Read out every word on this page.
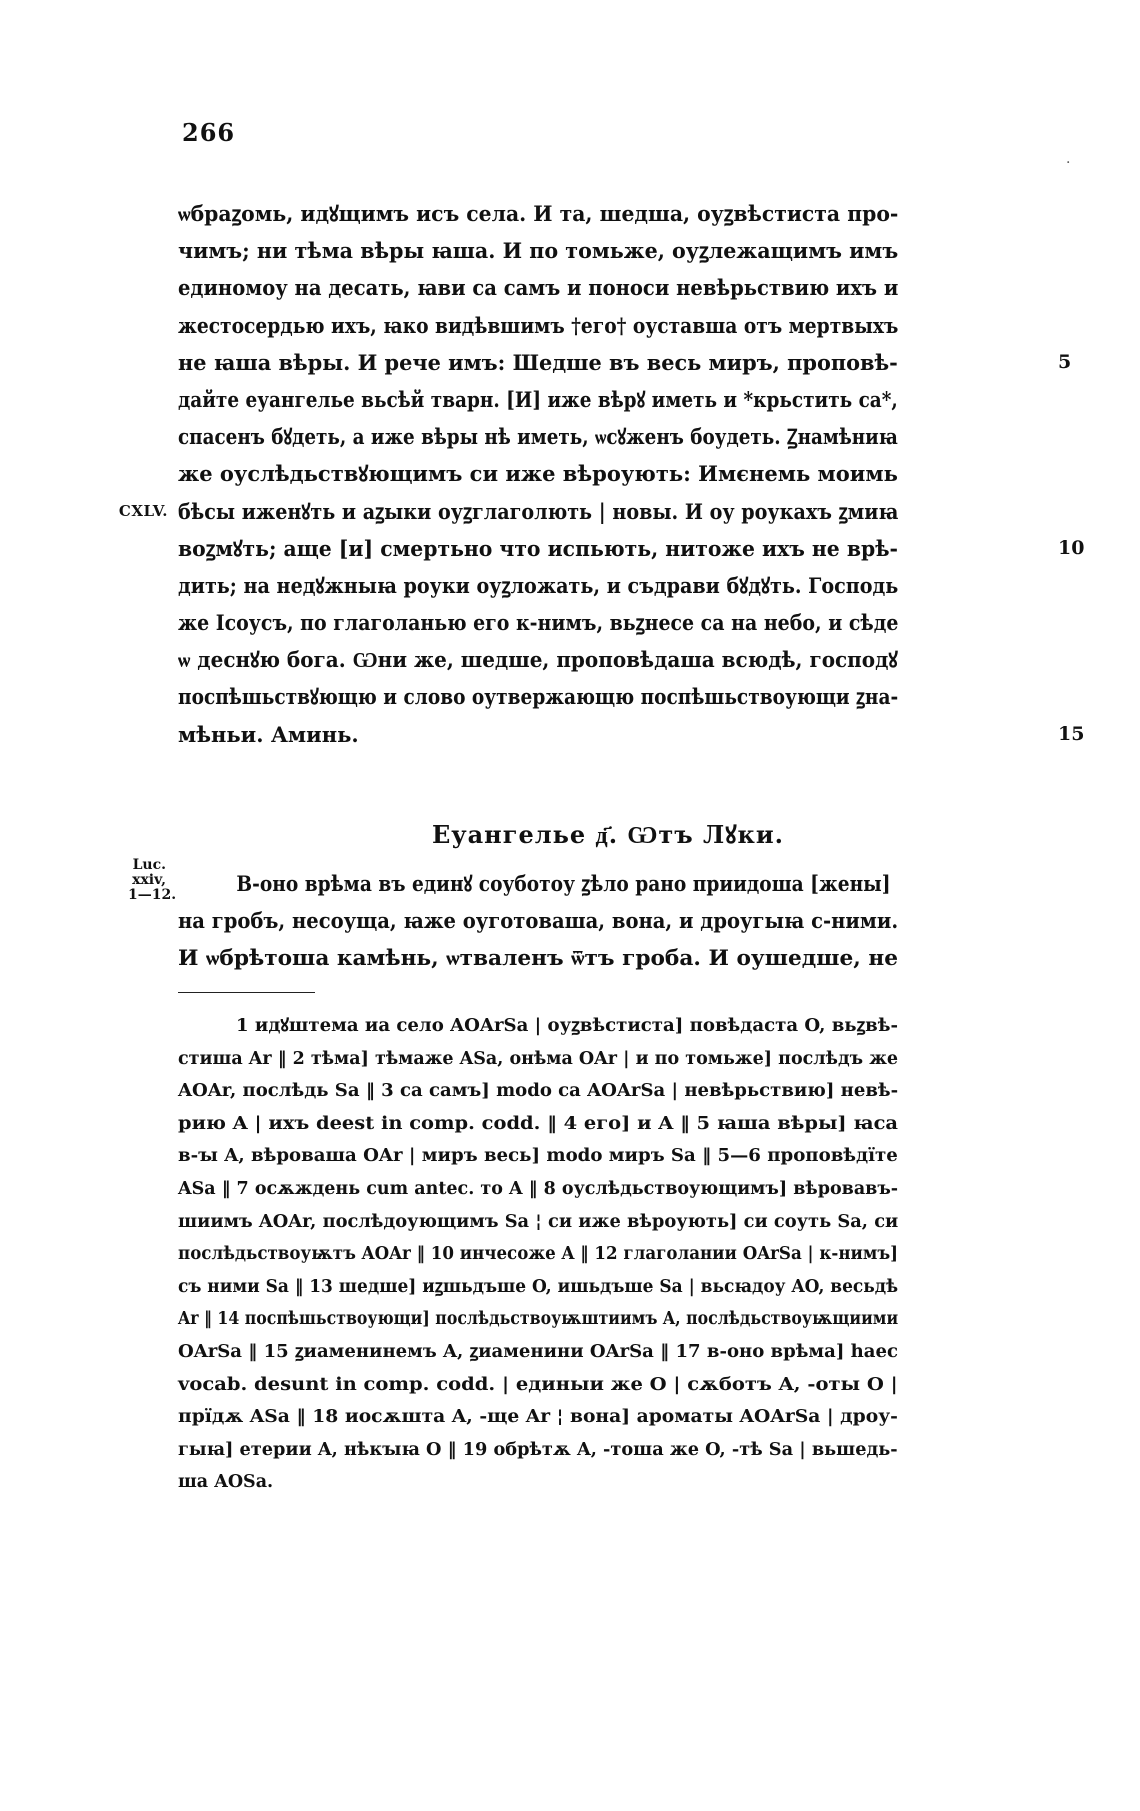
266
·
ѡбраꙁомь, идꙋщимъ исъ села. И та, шедша, оуꙁвѣстиста про-
чимъ; ни тѣма вѣры ꙗша. И по томьже, оуꙁлежащимъ имъ
единомоу на десать, ꙗви са самъ и поноси невѣрьствию ихъ и
жестосердью ихъ, ꙗко видѣвшимъ †его† оуставша отъ мертвыхъ
не ꙗша вѣры. И рече имъ: Шедше въ весь миръ, проповѣ-	5
дайте еуангелье вьсѣй тварн. [И] иже вѣрꙋ иметь и *крьстить са*,
спасенъ бꙋдеть, а иже вѣры нѣ иметь, ѡсꙋженъ боудеть. Ꙁнамѣниꙗ
же оуслѣдьствꙋющимъ си иже вѣроують: Имєнемь моимь
бѣсы иженꙋть и аꙁыки оуꙁглаголють | новы. И оу роукахъ ꙁмиꙗ
CXLV.
воꙁмꙋть; аще [и] смертьно что испьють, нитоже ихъ не врѣ-	10
дить; на недꙋжныꙗ роуки оуꙁложать, и съдрави бꙋдꙋть. Господь
же Ісоусъ, по глаголанью его к-нимъ, вьꙁнесе са на небо, и сѣде
ѡ деснꙋю бога. Ѡни же, шедше, проповѣдаша всюдѣ, господꙋ
поспѣшьствꙋющю и слово оутвержающю поспѣшьствоующи ꙁна-
мѣньи. Аминь.	15
Еуангелье д҃. Ѡтъ Лꙋки.
Luc.
xxiv,
1—12.	В-оно врѣма въ единꙋ соуботоу ꙁѣло рано приидоша [жены]
на гробъ, несоуща, ꙗже оуготоваша, вона, и дроугыꙗ с-ними.
И ѡбрѣтоша камѣнь, ѡтваленъ ѿтъ гроба. И оушедше, не
1 идꙋштема иа село AOArSa | оуꙁвѣстиста] повѣдаста O, вьꙁвѣ-
стиша Ar ‖ 2 тѣма] тѣмаже ASa, онѣма OAr | и по томьже] послѣдъ же
AOAr, послѣдь Sa ‖ 3 са самъ] modo са AOArSa | невѣрьствию] невѣ-
рию A | ихъ deest in comp. codd. ‖ 4 его] и A ‖ 5 ꙗша вѣры] ꙗса
в-ꙑ A, вѣроваша OAr | миръ весь] modo миръ Sa ‖ 5—6 проповѣдїте
ASa ‖ 7 осѫждень cum antec. то A ‖ 8 оуслѣдьствоующимъ] вѣровавъ-
шиимъ AOAr, послѣдоующимъ Sa ¦ си иже вѣроують] си соуть Sa, си
послѣдьствоуѭтъ AOAr ‖ 10 инчесоже A ‖ 12 глаголании OArSa | к-нимъ]
съ ними Sa ‖ 13 шедше] иꙁшьдъше O, ишьдъше Sa | вьсꙗдоу AO, весьдѣ
Ar ‖ 14 поспѣшьствоующи] послѣдьствоуѭштиимъ A, послѣдьствоуѭщиими
OArSa ‖ 15 ꙁиаменинемъ A, ꙁиаменини OArSa ‖ 17 в-оно врѣма] haec
vocab. desunt in comp. codd. | единыи же O | сѫботъ A, -оты O |
прїдѫ ASa ‖ 18 иосѫшта A, -ще Ar ¦ вона] ароматы AOArSa | дроу-
гыꙗ] етерии A, нѣкꙑꙗ O ‖ 19 обрѣтѫ A, -тоша же O, -тѣ Sa | вьшедь-
ша AOSa.
